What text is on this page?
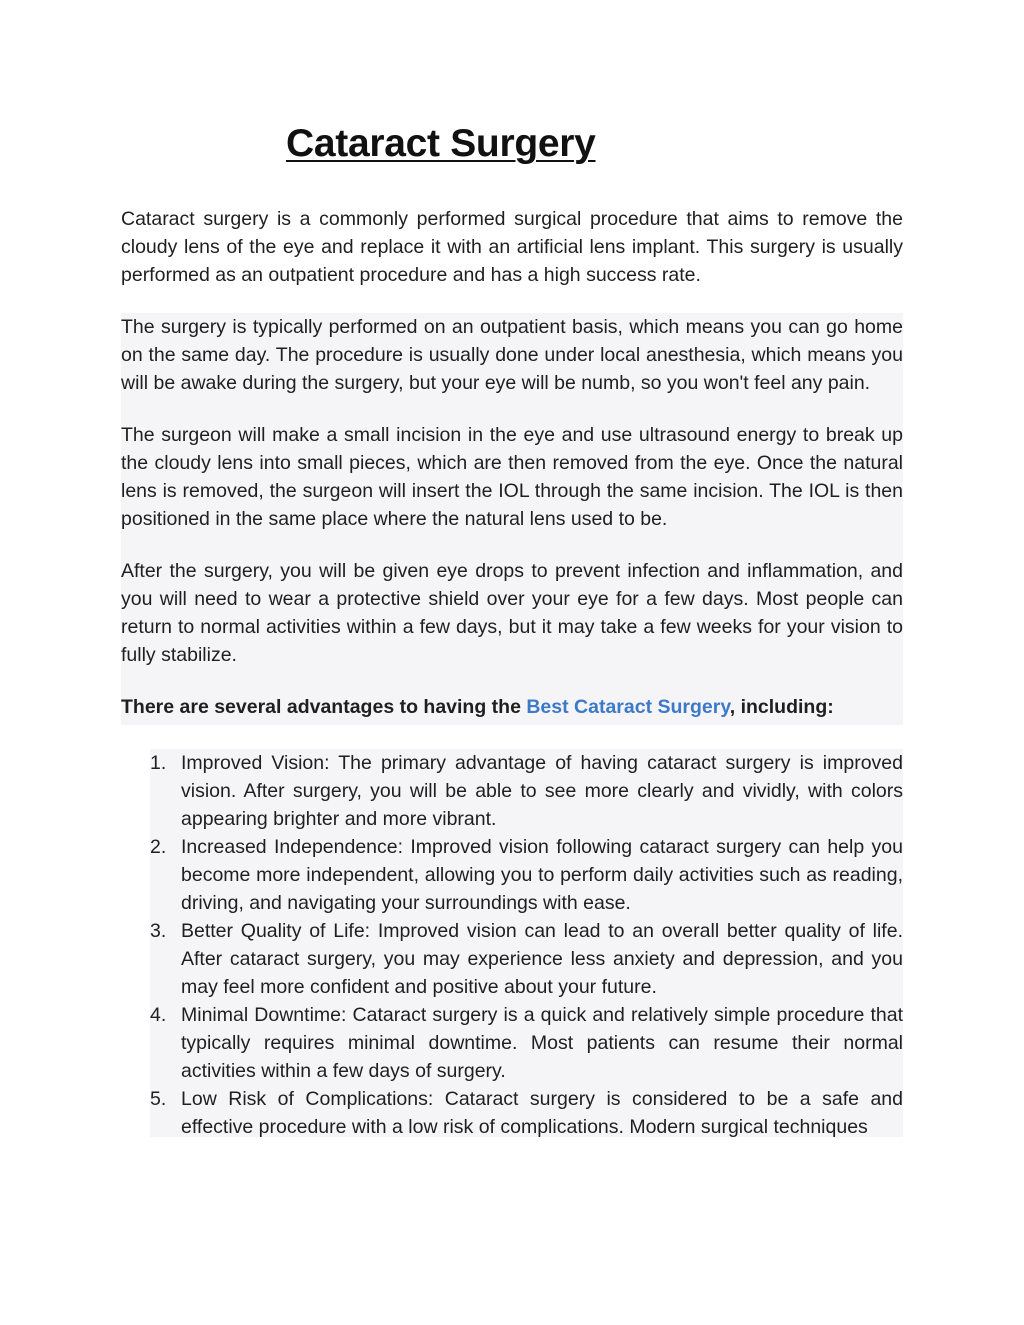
Cataract Surgery

Cataract surgery is a commonly performed surgical procedure that aims to remove the cloudy lens of the eye and replace it with an artificial lens implant. This surgery is usually performed as an outpatient procedure and has a high success rate.

The surgery is typically performed on an outpatient basis, which means you can go home on the same day. The procedure is usually done under local anesthesia, which means you will be awake during the surgery, but your eye will be numb, so you won't feel any pain.

The surgeon will make a small incision in the eye and use ultrasound energy to break up the cloudy lens into small pieces, which are then removed from the eye. Once the natural lens is removed, the surgeon will insert the IOL through the same incision. The IOL is then positioned in the same place where the natural lens used to be.

After the surgery, you will be given eye drops to prevent infection and inflammation, and you will need to wear a protective shield over your eye for a few days. Most people can return to normal activities within a few days, but it may take a few weeks for your vision to fully stabilize.

There are several advantages to having the Best Cataract Surgery, including:

1. Improved Vision: The primary advantage of having cataract surgery is improved vision. After surgery, you will be able to see more clearly and vividly, with colors appearing brighter and more vibrant.
2. Increased Independence: Improved vision following cataract surgery can help you become more independent, allowing you to perform daily activities such as reading, driving, and navigating your surroundings with ease.
3. Better Quality of Life: Improved vision can lead to an overall better quality of life. After cataract surgery, you may experience less anxiety and depression, and you may feel more confident and positive about your future.
4. Minimal Downtime: Cataract surgery is a quick and relatively simple procedure that typically requires minimal downtime. Most patients can resume their normal activities within a few days of surgery.
5. Low Risk of Complications: Cataract surgery is considered to be a safe and effective procedure with a low risk of complications. Modern surgical techniques
